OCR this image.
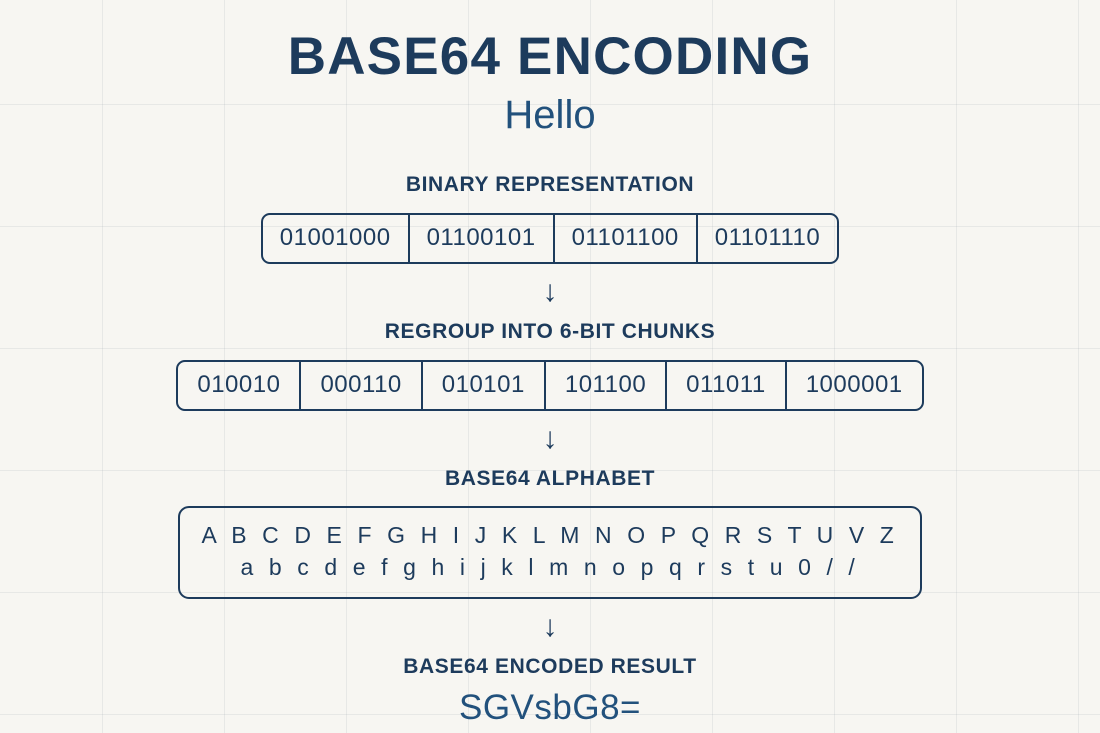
BASE64 ENCODING
Hello
BINARY REPRESENTATION
01001000	01100101	01101100	01101110
↓
REGROUP INTO 6-BIT CHUNKS
010010	000110	010101	101100	011011	1000001
↓
BASE64 ALPHABET
A B C D E F G H I J K L M N O P Q R S T U V Z
a b c d e f g h i j k l m n o p q r s t u 0 / /
↓
BASE64 ENCODED RESULT
SGVsbG8=
